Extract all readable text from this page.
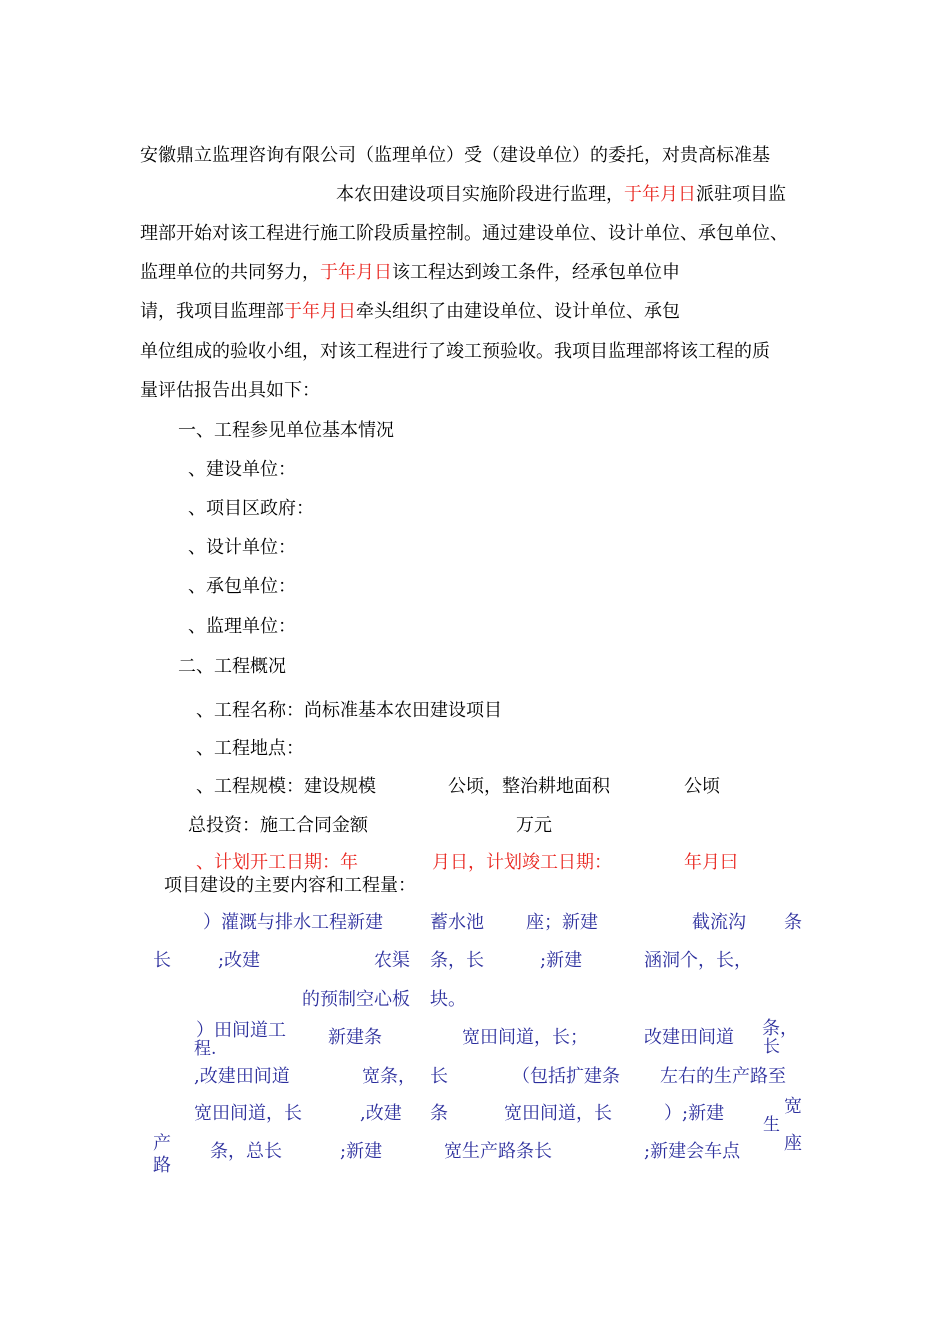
安徽鼎立监理咨询有限公司（监理单位）受（建设单位）的委托，对贵高标准基
本农田建设项目实施阶段进行监理，于年月日派驻项目监
理部开始对该工程进行施工阶段质量控制。通过建设单位、设计单位、承包单位、
监理单位的共同努力，于年月日该工程达到竣工条件，经承包单位申
请，我项目监理部于年月日牵头组织了由建设单位、设计单位、承包
单位组成的验收小组，对该工程进行了竣工预验收。我项目监理部将该工程的质
量评估报告出具如下：
一、工程参见单位基本情况
、建设单位：
、项目区政府：
、设计单位：
、承包单位：
、监理单位：
二、工程概况
、工程名称：尚标准基本农田建设项目
、工程地点：
、工程规模：建设规模	公顷，整治耕地面积	公顷
总投资：施工合同金额	万元
、计划开工日期：年	月日，计划竣工日期：	年月曰
项目建设的主要内容和工程量：
）灌溉与排水工程新建	蓄水池 座；新建	截流沟 条
长	;改建	农渠 条，长	;新建	涵洞个，长，
的预制空心板 块。
）田间道工
程.
新建条	宽田间道，长；	改建田间道 条，
长
,改建田间道	宽条， 长	（包括扩建条 左右的生产路至
宽田间道，长	,改建 条	宽田间道，长	）;新建	宽
生
产
路
条，总长	;新建	宽生产路条长	;新建会车点 座
